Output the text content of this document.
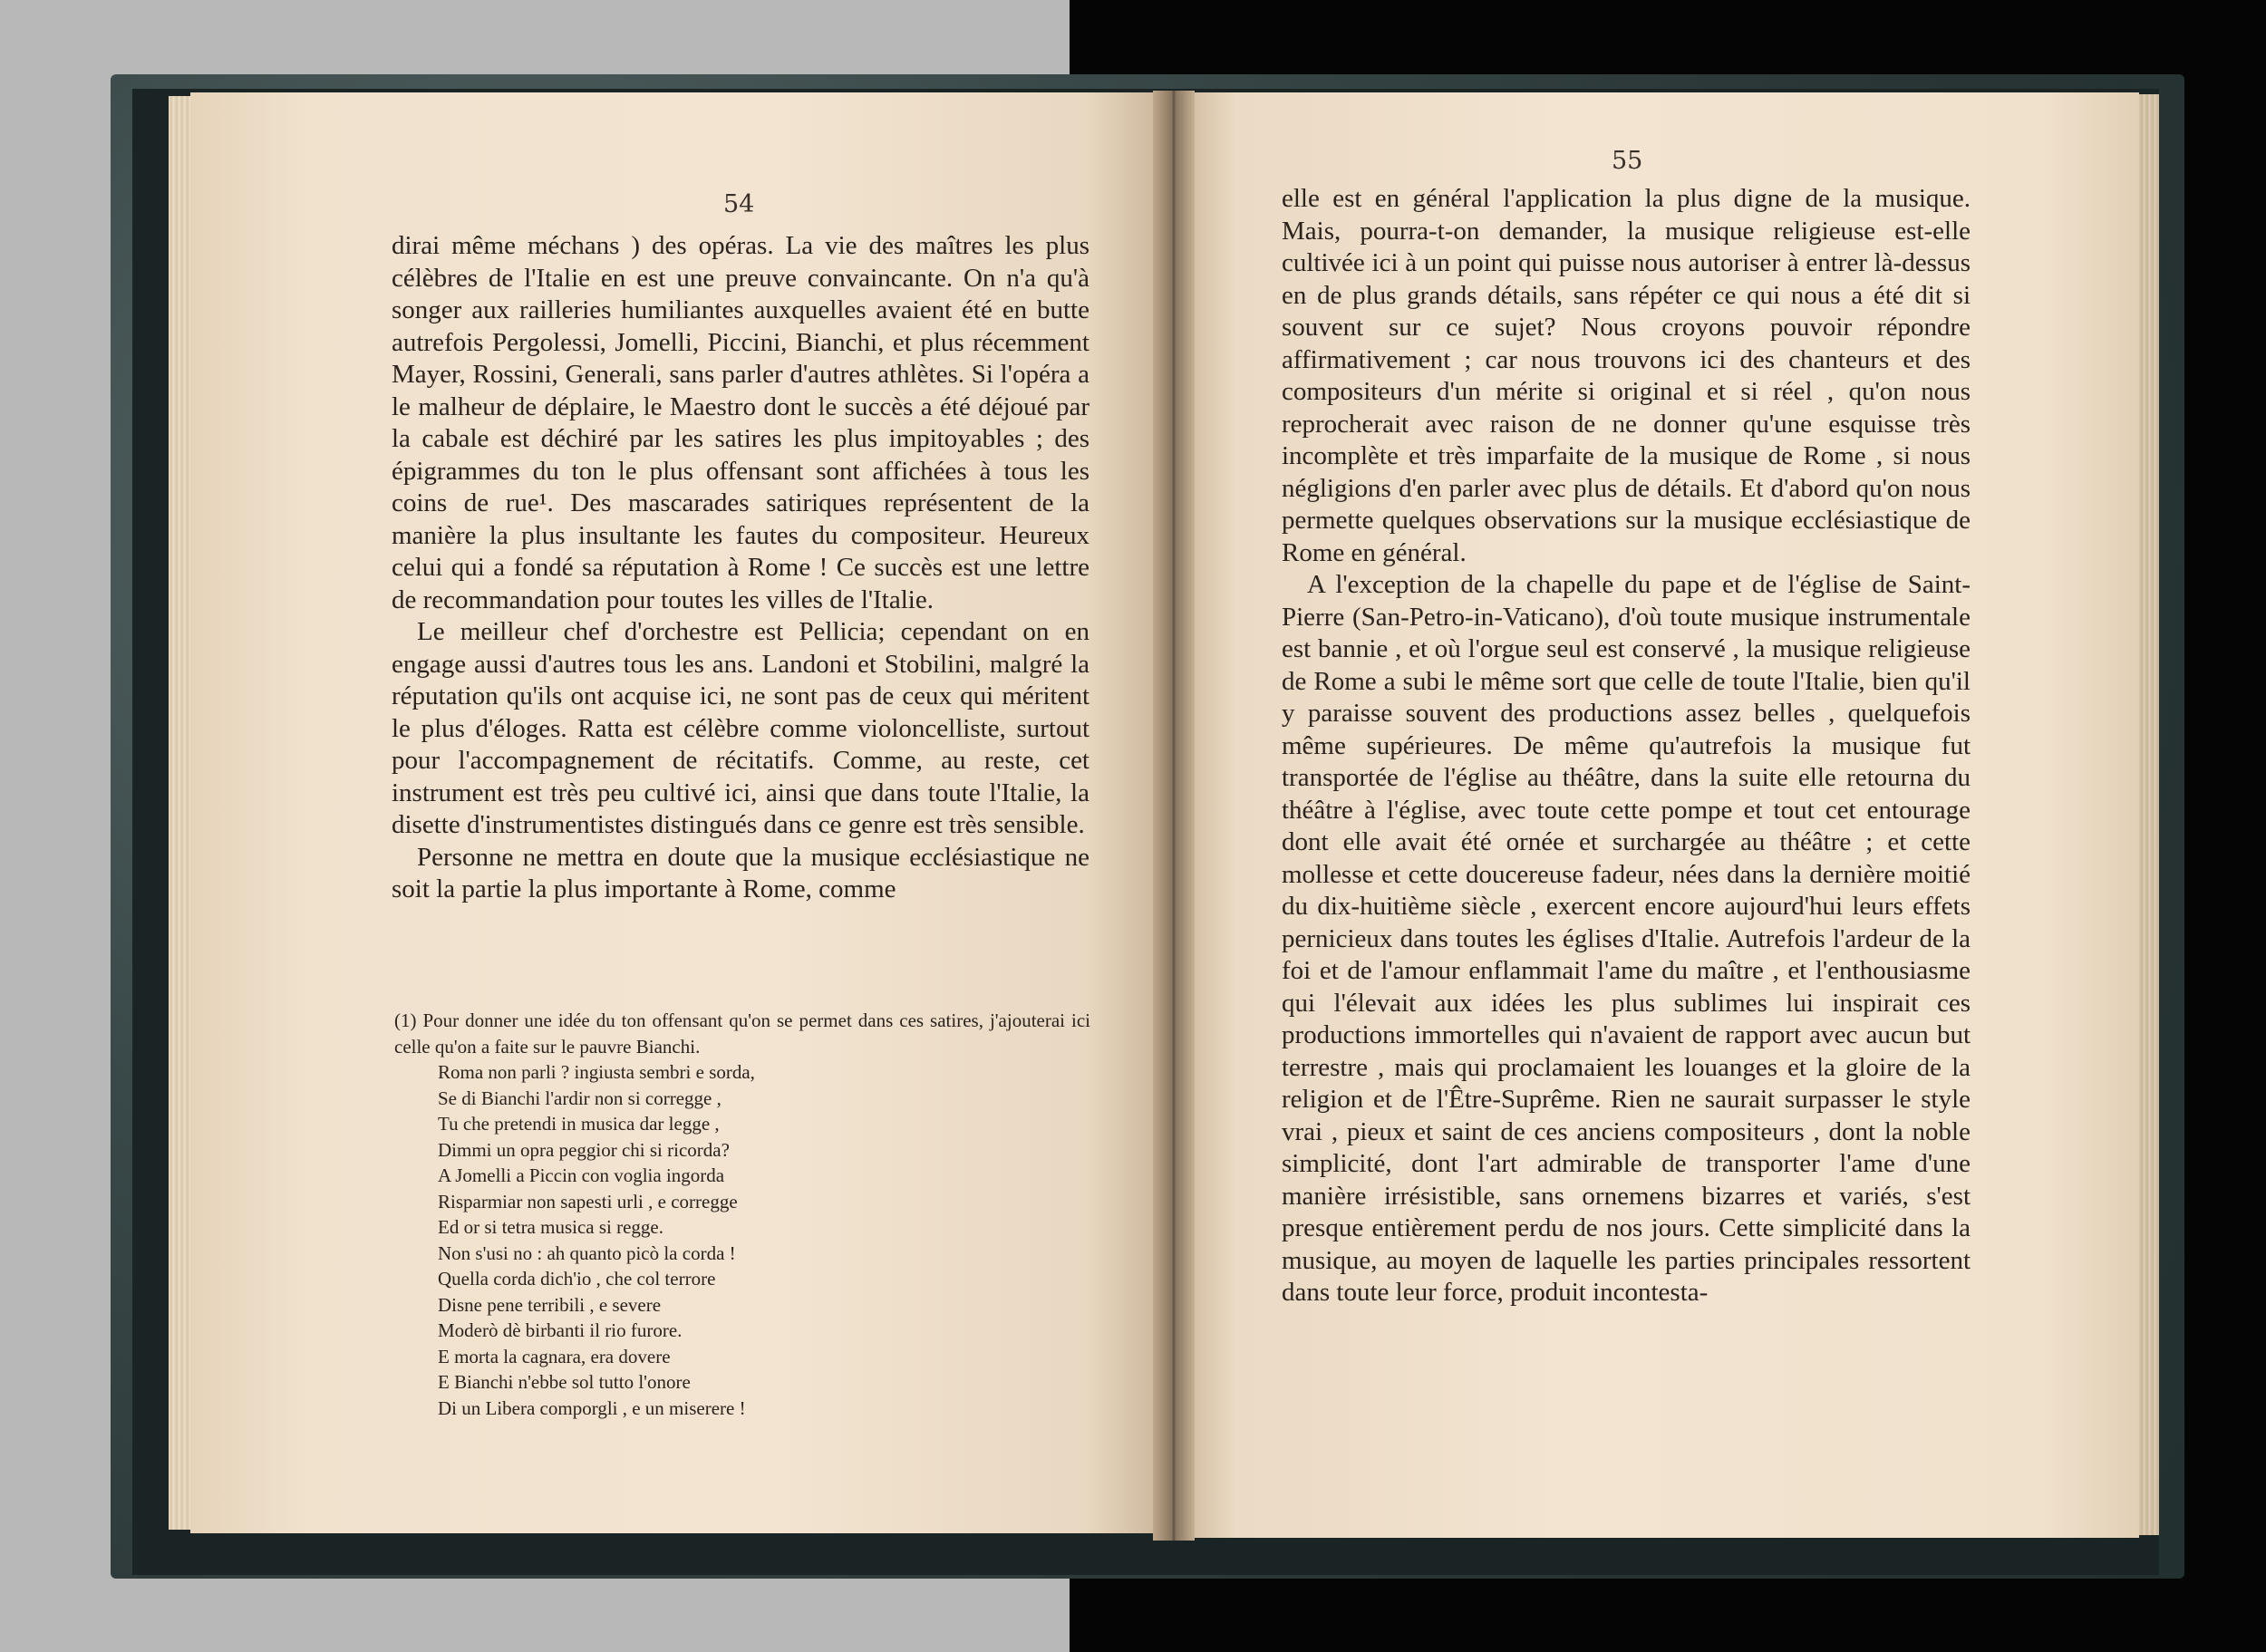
54

dirai même méchans ) des opéras. La vie des maîtres les plus célèbres de l'Italie en est une preuve convaincante. On n'a qu'à songer aux railleries humiliantes auxquelles avaient été en butte autrefois Pergolessi, Jomelli, Piccini, Bianchi, et plus récemment Mayer, Rossini, Generali, sans parler d'autres athlètes. Si l'opéra a le malheur de déplaire, le Maestro dont le succès a été déjoué par la cabale est déchiré par les satires les plus impitoyables ; des épigrammes du ton le plus offensant sont affichées à tous les coins de rue¹. Des mascarades satiriques représentent de la manière la plus insultante les fautes du compositeur. Heureux celui qui a fondé sa réputation à Rome ! Ce succès est une lettre de recommandation pour toutes les villes de l'Italie.

Le meilleur chef d'orchestre est Pellicia; cependant on en engage aussi d'autres tous les ans. Landoni et Stobilini, malgré la réputation qu'ils ont acquise ici, ne sont pas de ceux qui méritent le plus d'éloges. Ratta est célèbre comme violoncelliste, surtout pour l'accompagnement de récitatifs. Comme, au reste, cet instrument est très peu cultivé ici, ainsi que dans toute l'Italie, la disette d'instrumentistes distingués dans ce genre est très sensible.

Personne ne mettra en doute que la musique ecclésiastique ne soit la partie la plus importante à Rome, comme

(1) Pour donner une idée du ton offensant qu'on se permet dans ces satires, j'ajouterai ici celle qu'on a faite sur le pauvre Bianchi.
Roma non parli ? ingiusta sembri e sorda,
Se di Bianchi l'ardir non si corregge ,
Tu che pretendi in musica dar legge ,
Dimmi un opra peggior chi si ricorda?
A Jomelli a Piccin con voglia ingorda
Risparmiar non sapesti urli , e corregge
Ed or si tetra musica si regge.
Non s'usi no : ah quanto picò la corda !
Quella corda dich'io , che col terrore
Disne pene terribili , e severe
Moderò dè birbanti il rio furore.
E morta la cagnara, era dovere
E Bianchi n'ebbe sol tutto l'onore
Di un Libera comporgli , e un miserere !
55

elle est en général l'application la plus digne de la musique. Mais, pourra-t-on demander, la musique religieuse est-elle cultivée ici à un point qui puisse nous autoriser à entrer là-dessus en de plus grands détails, sans répéter ce qui nous a été dit si souvent sur ce sujet? Nous croyons pouvoir répondre affirmativement ; car nous trouvons ici des chanteurs et des compositeurs d'un mérite si original et si réel , qu'on nous reprocherait avec raison de ne donner qu'une esquisse très incomplète et très imparfaite de la musique de Rome , si nous négligions d'en parler avec plus de détails. Et d'abord qu'on nous permette quelques observations sur la musique ecclésiastique de Rome en général.

A l'exception de la chapelle du pape et de l'église de Saint-Pierre (San-Petro-in-Vaticano), d'où toute musique instrumentale est bannie , et où l'orgue seul est conservé , la musique religieuse de Rome a subi le même sort que celle de toute l'Italie, bien qu'il y paraisse souvent des productions assez belles , quelquefois même supérieures. De même qu'autrefois la musique fut transportée de l'église au théâtre, dans la suite elle retourna du théâtre à l'église, avec toute cette pompe et tout cet entourage dont elle avait été ornée et surchargée au théâtre ; et cette mollesse et cette doucereuse fadeur, nées dans la dernière moitié du dix-huitième siècle , exercent encore aujourd'hui leurs effets pernicieux dans toutes les églises d'Italie. Autrefois l'ardeur de la foi et de l'amour enflammait l'ame du maître , et l'enthousiasme qui l'élevait aux idées les plus sublimes lui inspirait ces productions immortelles qui n'avaient de rapport avec aucun but terrestre , mais qui proclamaient les louanges et la gloire de la religion et de l'Être-Suprême. Rien ne saurait surpasser le style vrai , pieux et saint de ces anciens compositeurs , dont la noble simplicité, dont l'art admirable de transporter l'ame d'une manière irrésistible, sans ornemens bizarres et variés, s'est presque entièrement perdu de nos jours. Cette simplicité dans la musique, au moyen de laquelle les parties principales ressortent dans toute leur force, produit incontesta-
